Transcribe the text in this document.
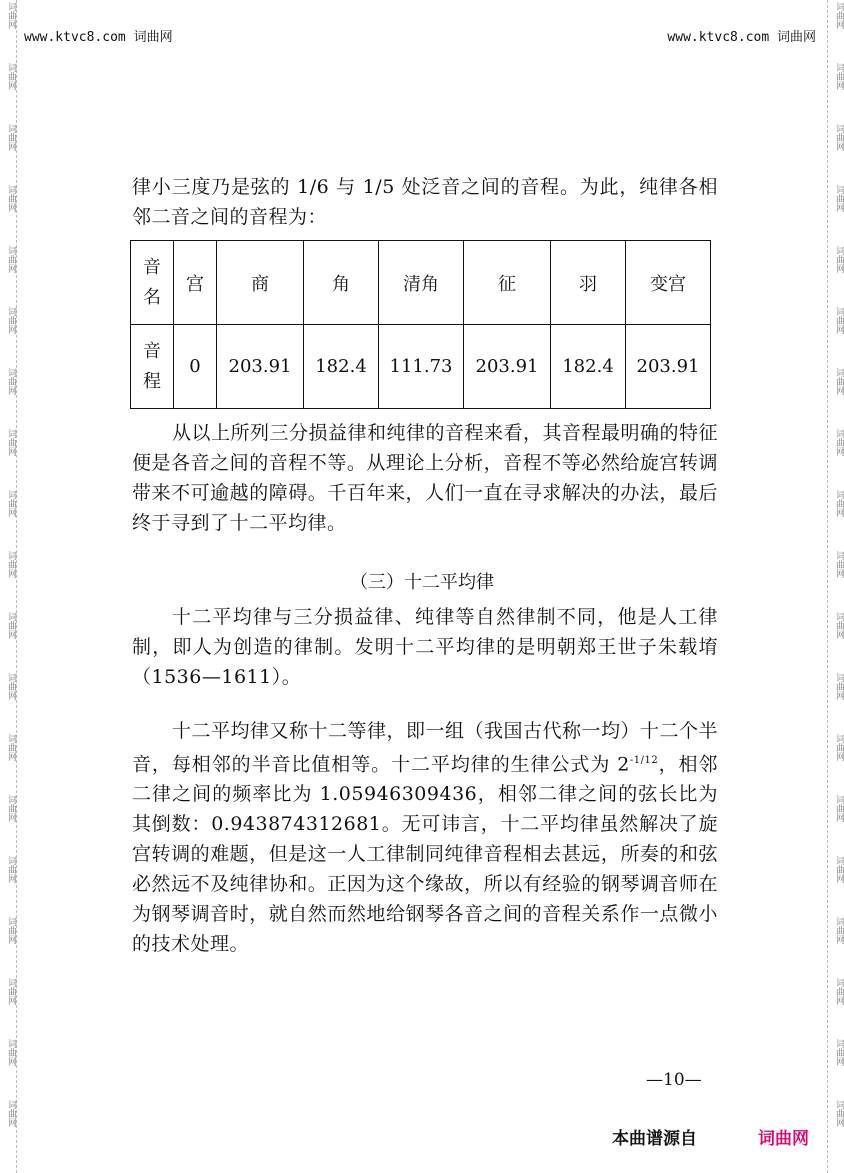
www.ktvc8.com 词曲网	www.ktvc8.com 词曲网

律小三度乃是弦的 1/6 与 1/5 处泛音之间的音程。为此，纯律各相邻二音之间的音程为：

音
名	宫	商	角	清角	征	羽	变宫

音
程	0	203.91	182.4	111.73	203.91	182.4	203.91

从以上所列三分损益律和纯律的音程来看，其音程最明确的特征便是各音之间的音程不等。从理论上分析，音程不等必然给旋宫转调带来不可逾越的障碍。千百年来，人们一直在寻求解决的办法，最后终于寻到了十二平均律。

（三）十二平均律

十二平均律与三分损益律、纯律等自然律制不同，他是人工律制，即人为创造的律制。发明十二平均律的是明朝郑王世子朱载堉（1536—1611）。

十二平均律又称十二等律，即一组（我国古代称一均）十二个半音，每相邻的半音比值相等。十二平均律的生律公式为 $2^{-1/12}$，相邻二律之间的频率比为 1.05946309436，相邻二律之间的弦长比为其倒数：0.943874312681。无可讳言，十二平均律虽然解决了旋宫转调的难题，但是这一人工律制同纯律音程相去甚远，所奏的和弦必然远不及纯律协和。正因为这个缘故，所以有经验的钢琴调音师在为钢琴调音时，就自然而然地给钢琴各音之间的音程关系作一点微小的技术处理。

—10—
本曲谱源自	词曲网
词曲网
词曲网
词曲网
词曲网
词曲网
词曲网
词曲网
词曲网
词曲网
词曲网
词曲网
词曲网
词曲网
词曲网
词曲网
词曲网
词曲网
词曲网
词曲网
词曲网
词曲网
词曲网
词曲网
词曲网
词曲网
词曲网
词曲网
词曲网
词曲网
词曲网
词曲网
词曲网
词曲网
词曲网
词曲网
词曲网
词曲网
词曲网
